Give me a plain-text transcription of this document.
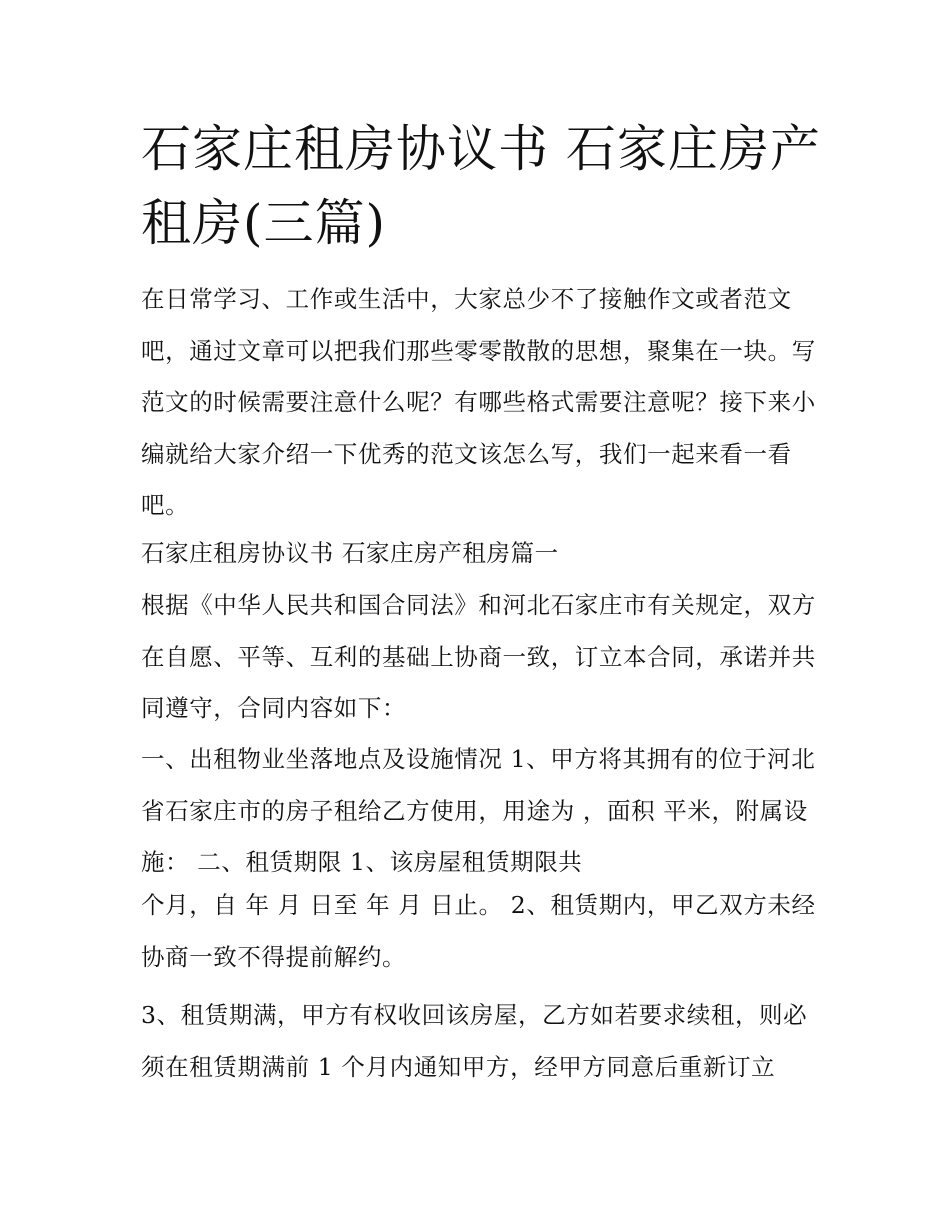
石家庄租房协议书 石家庄房产租房(三篇)

在日常学习、工作或生活中，大家总少不了接触作文或者范文吧，通过文章可以把我们那些零零散散的思想，聚集在一块。写范文的时候需要注意什么呢？有哪些格式需要注意呢？接下来小编就给大家介绍一下优秀的范文该怎么写，我们一起来看一看吧。

石家庄租房协议书 石家庄房产租房篇一

根据《中华人民共和国合同法》和河北石家庄市有关规定，双方在自愿、平等、互利的基础上协商一致，订立本合同，承诺并共同遵守，合同内容如下：

一、出租物业坐落地点及设施情况 1、甲方将其拥有的位于河北省石家庄市的房子租给乙方使用，用途为 ，面积 平米，附属设施： 二、租赁期限 1、该房屋租赁期限共

个月，自 年 月 日至 年 月 日止。 2、租赁期内，甲乙双方未经协商一致不得提前解约。

3、租赁期满，甲方有权收回该房屋，乙方如若要求续租，则必须在租赁期满前 1 个月内通知甲方，经甲方同意后重新订立
